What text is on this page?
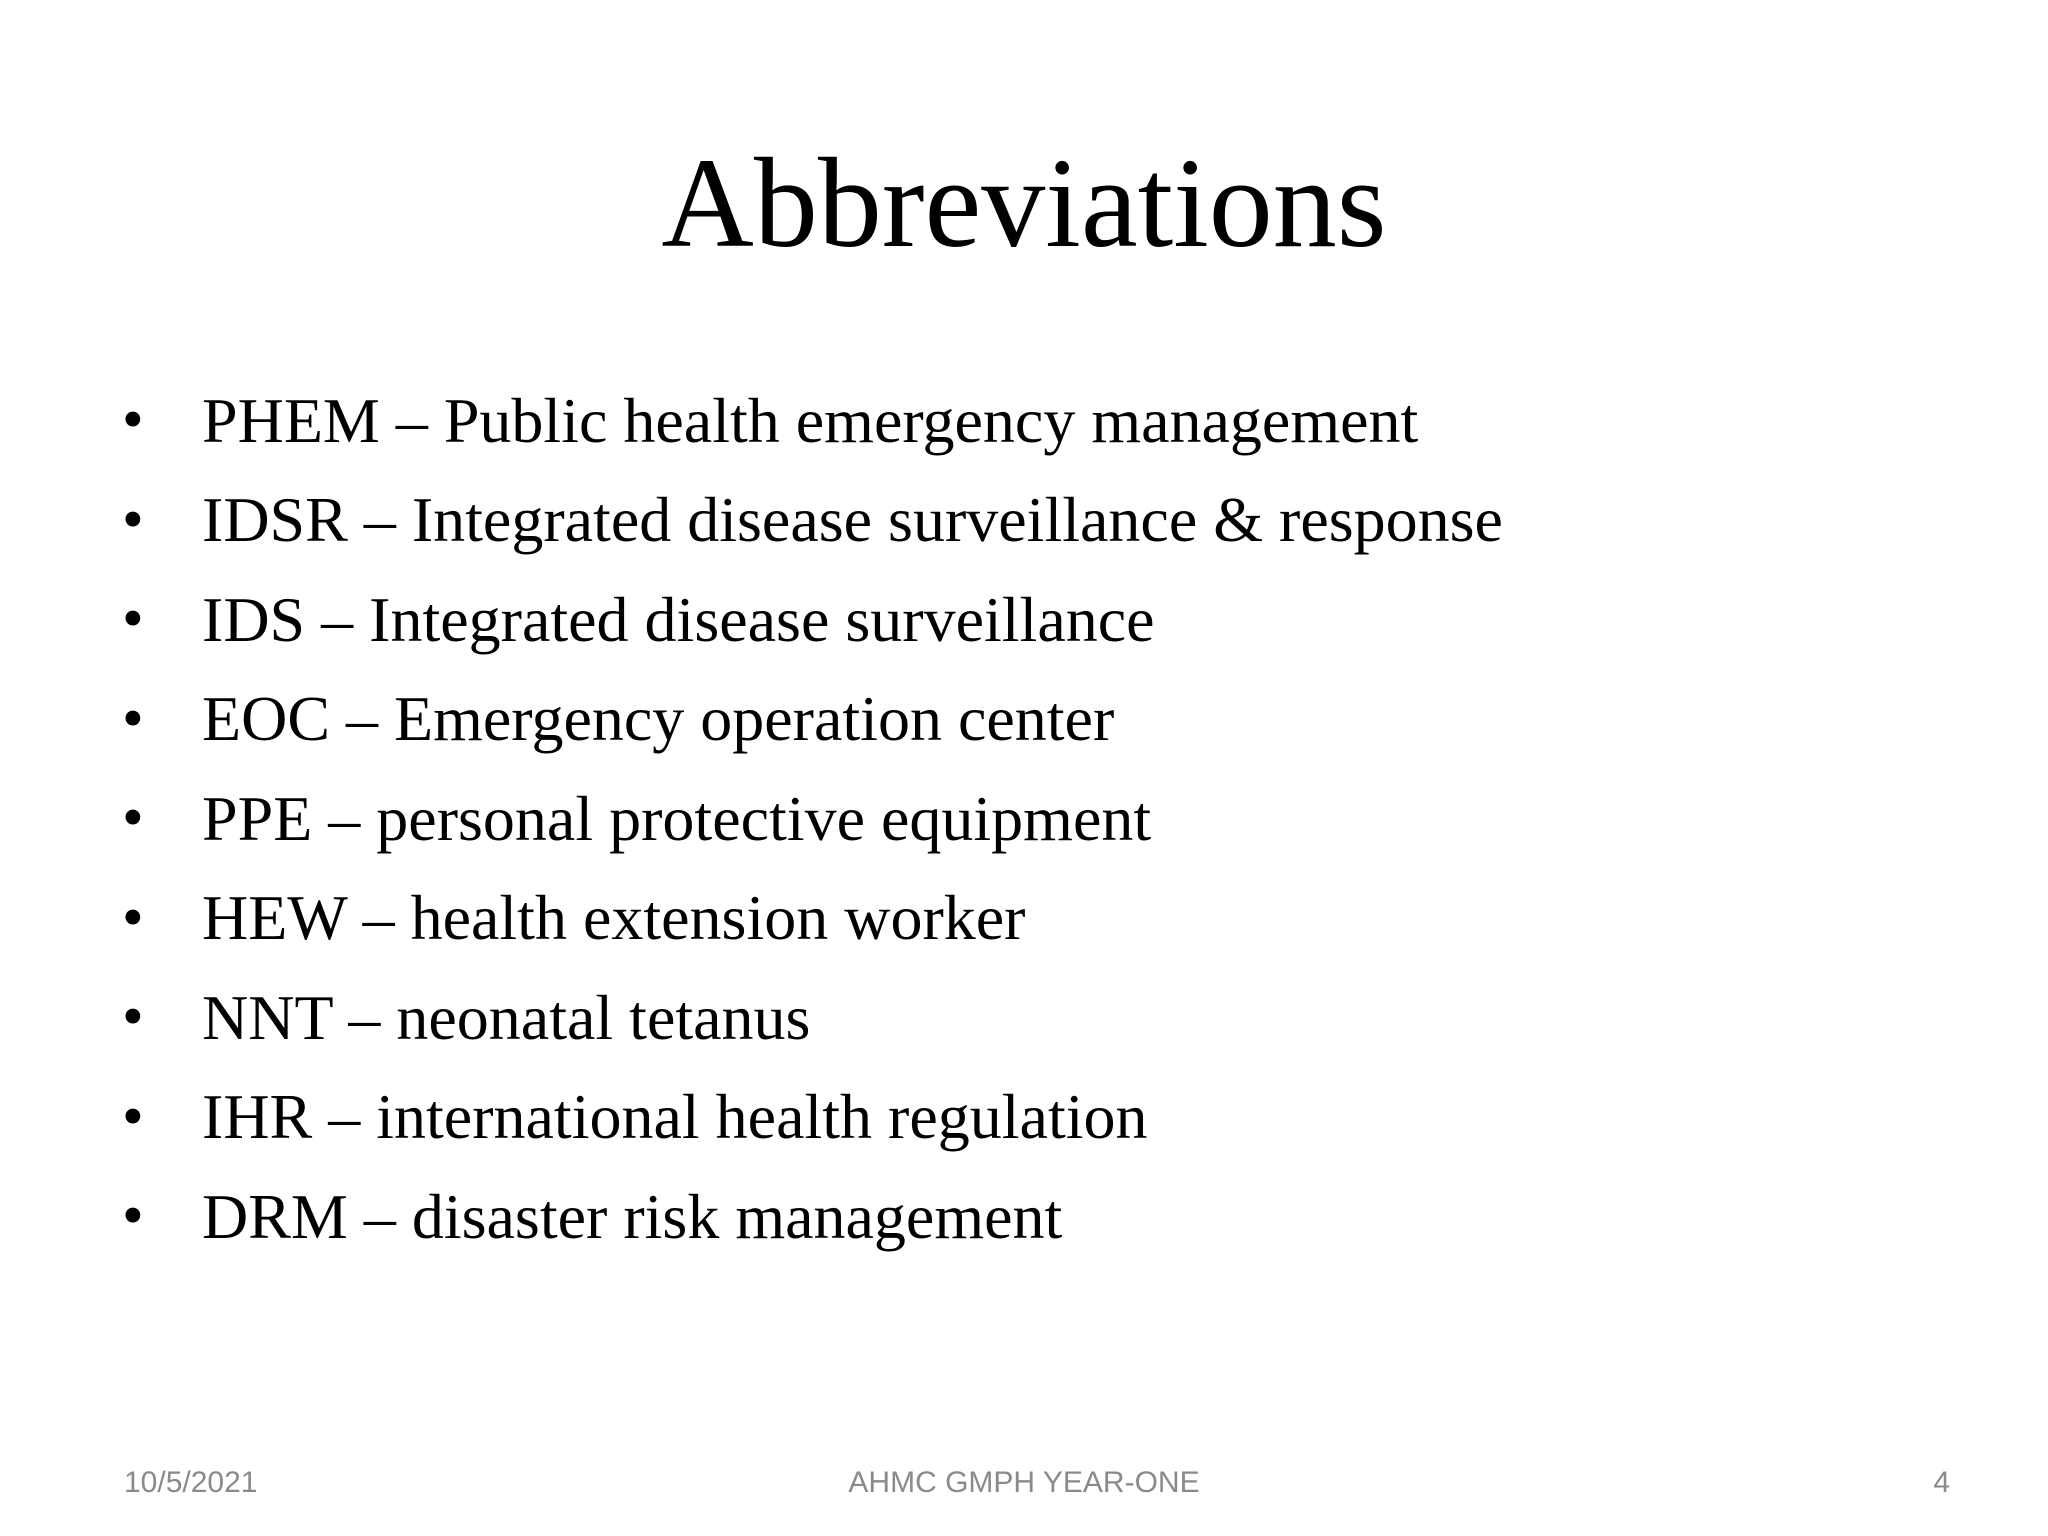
Abbreviations
• PHEM – Public health emergency management
• IDSR – Integrated disease surveillance & response
• IDS – Integrated disease surveillance
• EOC – Emergency operation center
• PPE – personal protective equipment
• HEW – health extension worker
• NNT – neonatal tetanus
• IHR – international health regulation
• DRM – disaster risk management
10/5/2021	AHMC GMPH YEAR-ONE	4
